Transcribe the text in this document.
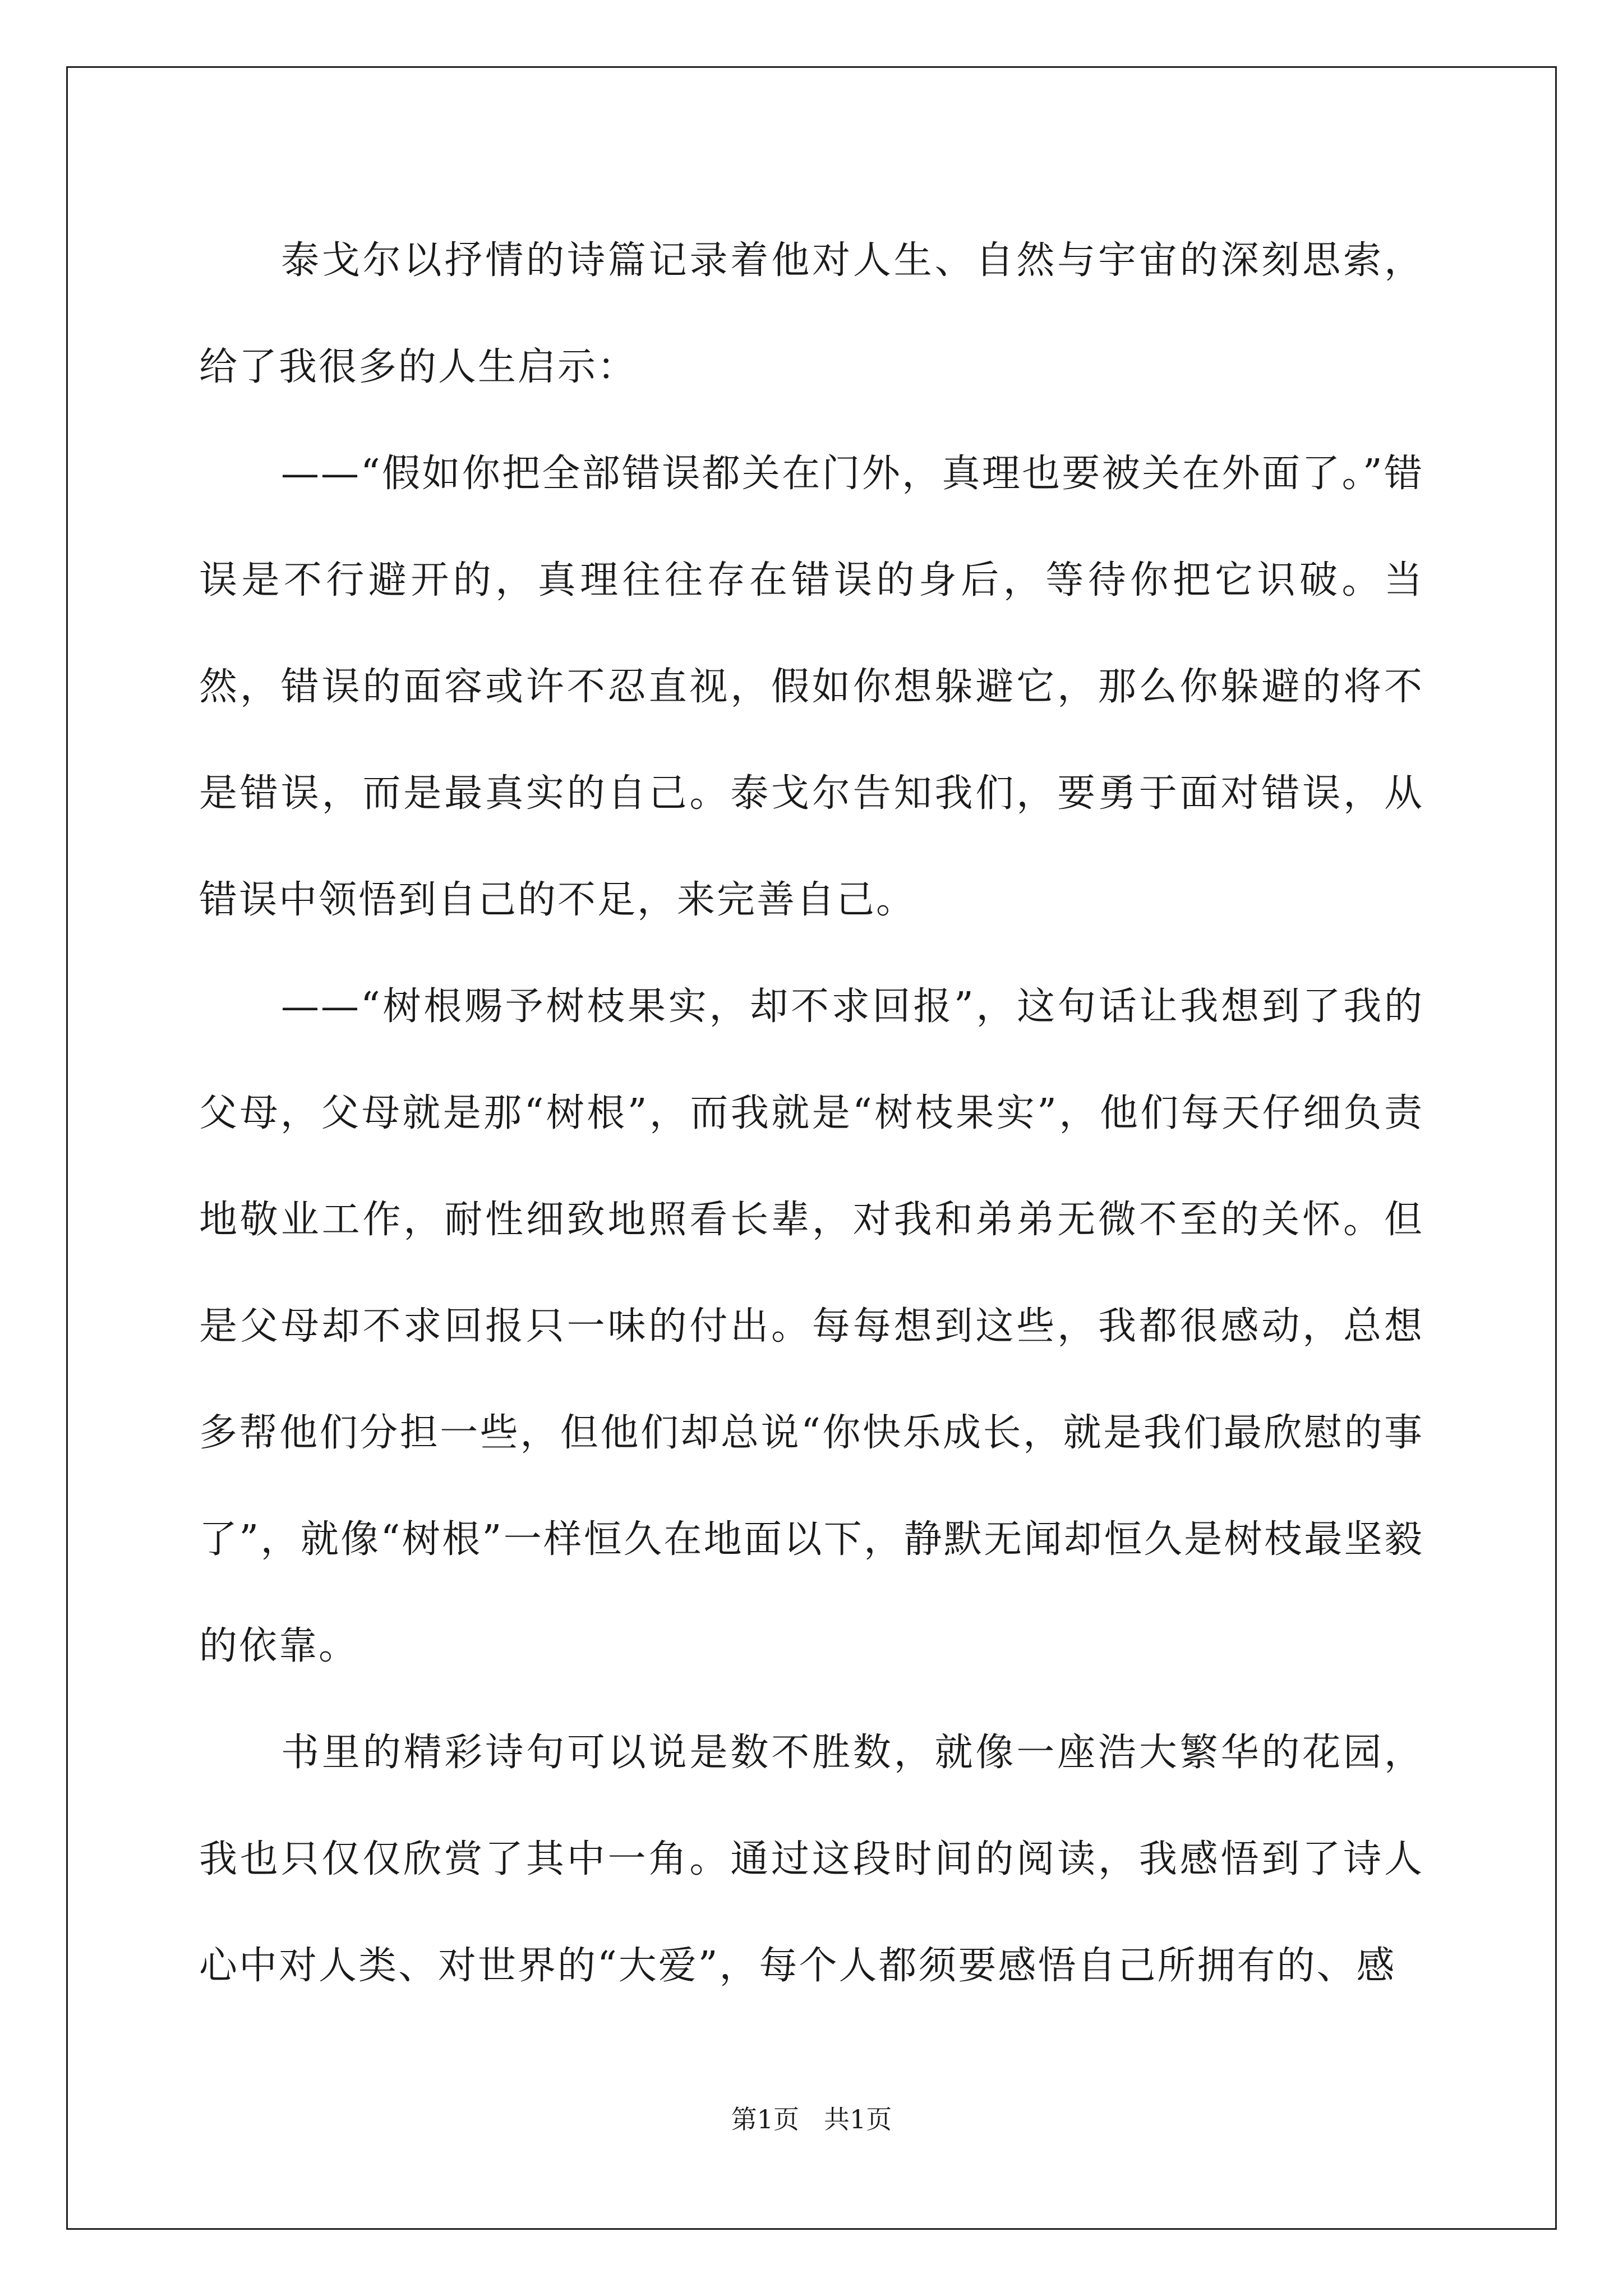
泰戈尔以抒情的诗篇记录着他对人生、自然与宇宙的深刻思索，给了我很多的人生启示：

——“假如你把全部错误都关在门外，真理也要被关在外面了。”错误是不行避开的，真理往往存在错误的身后，等待你把它识破。当然，错误的面容或许不忍直视，假如你想躲避它，那么你躲避的将不是错误，而是最真实的自己。泰戈尔告知我们，要勇于面对错误，从错误中领悟到自己的不足，来完善自己。

——“树根赐予树枝果实，却不求回报”，这句话让我想到了我的父母，父母就是那“树根”，而我就是“树枝果实”，他们每天仔细负责地敬业工作，耐性细致地照看长辈，对我和弟弟无微不至的关怀。但是父母却不求回报只一味的付出。每每想到这些，我都很感动，总想多帮他们分担一些，但他们却总说“你快乐成长，就是我们最欣慰的事了”，就像“树根”一样恒久在地面以下，静默无闻却恒久是树枝最坚毅的依靠。

书里的精彩诗句可以说是数不胜数，就像一座浩大繁华的花园，我也只仅仅欣赏了其中一角。通过这段时间的阅读，我感悟到了诗人心中对人类、对世界的“大爱”，每个人都须要感悟自己所拥有的、感

第1页 共1页
